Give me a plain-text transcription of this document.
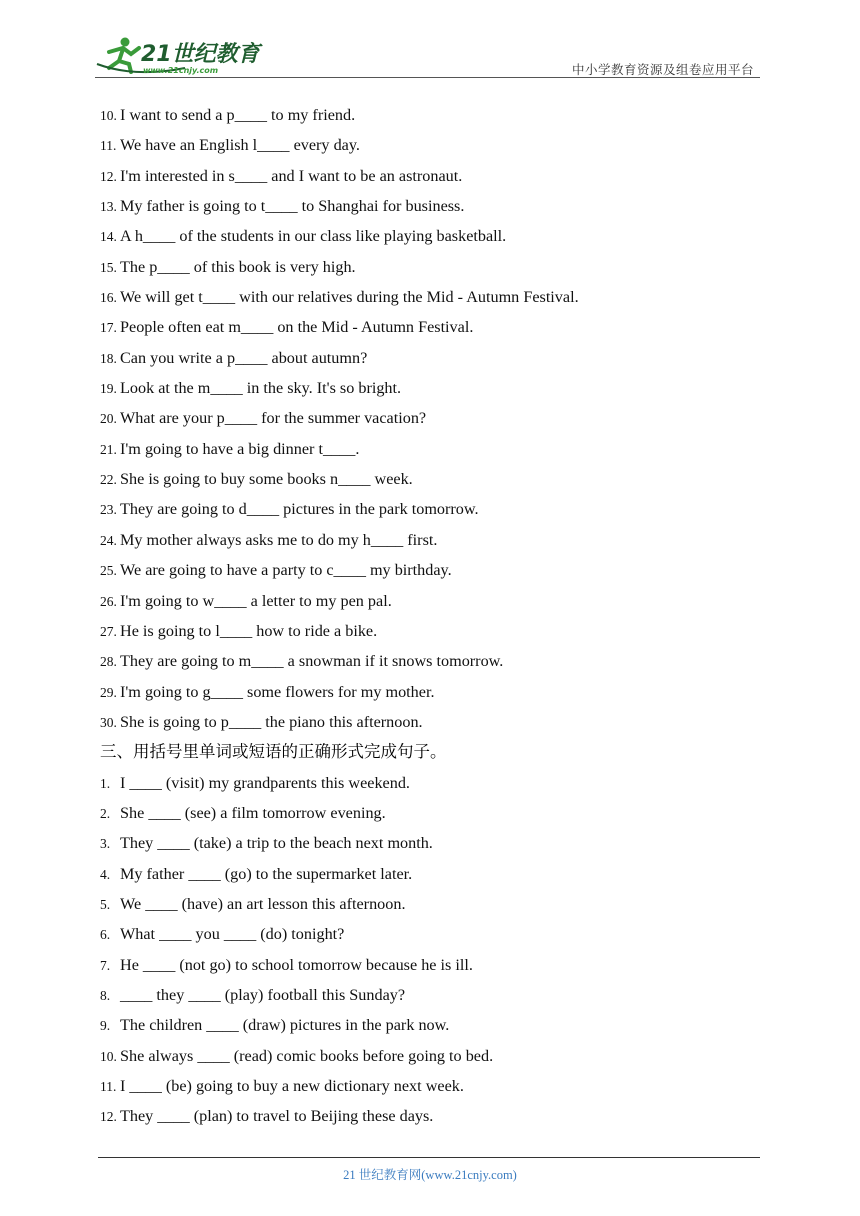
21世纪教育
www.21cnjy.com	中小学教育资源及组卷应用平台
10. I want to send a p____ to my friend.
11. We have an English l____ every day.
12. I'm interested in s____ and I want to be an astronaut.
13. My father is going to t____ to Shanghai for business.
14. A h____ of the students in our class like playing basketball.
15. The p____ of this book is very high.
16. We will get t____ with our relatives during the Mid - Autumn Festival.
17. People often eat m____ on the Mid - Autumn Festival.
18. Can you write a p____ about autumn?
19. Look at the m____ in the sky. It's so bright.
20. What are your p____ for the summer vacation?
21. I'm going to have a big dinner t____.
22. She is going to buy some books n____ week.
23. They are going to d____ pictures in the park tomorrow.
24. My mother always asks me to do my h____ first.
25. We are going to have a party to c____ my birthday.
26. I'm going to w____ a letter to my pen pal.
27. He is going to l____ how to ride a bike.
28. They are going to m____ a snowman if it snows tomorrow.
29. I'm going to g____ some flowers for my mother.
30. She is going to p____ the piano this afternoon.
三、用括号里单词或短语的正确形式完成句子。
1. I ____ (visit) my grandparents this weekend.
2. She ____ (see) a film tomorrow evening.
3. They ____ (take) a trip to the beach next month.
4. My father ____ (go) to the supermarket later.
5. We ____ (have) an art lesson this afternoon.
6. What ____ you ____ (do) tonight?
7. He ____ (not go) to school tomorrow because he is ill.
8. ____ they ____ (play) football this Sunday?
9. The children ____ (draw) pictures in the park now.
10. She always ____ (read) comic books before going to bed.
11. I ____ (be) going to buy a new dictionary next week.
12. They ____ (plan) to travel to Beijing these days.
21 世纪教育网(www.21cnjy.com)
